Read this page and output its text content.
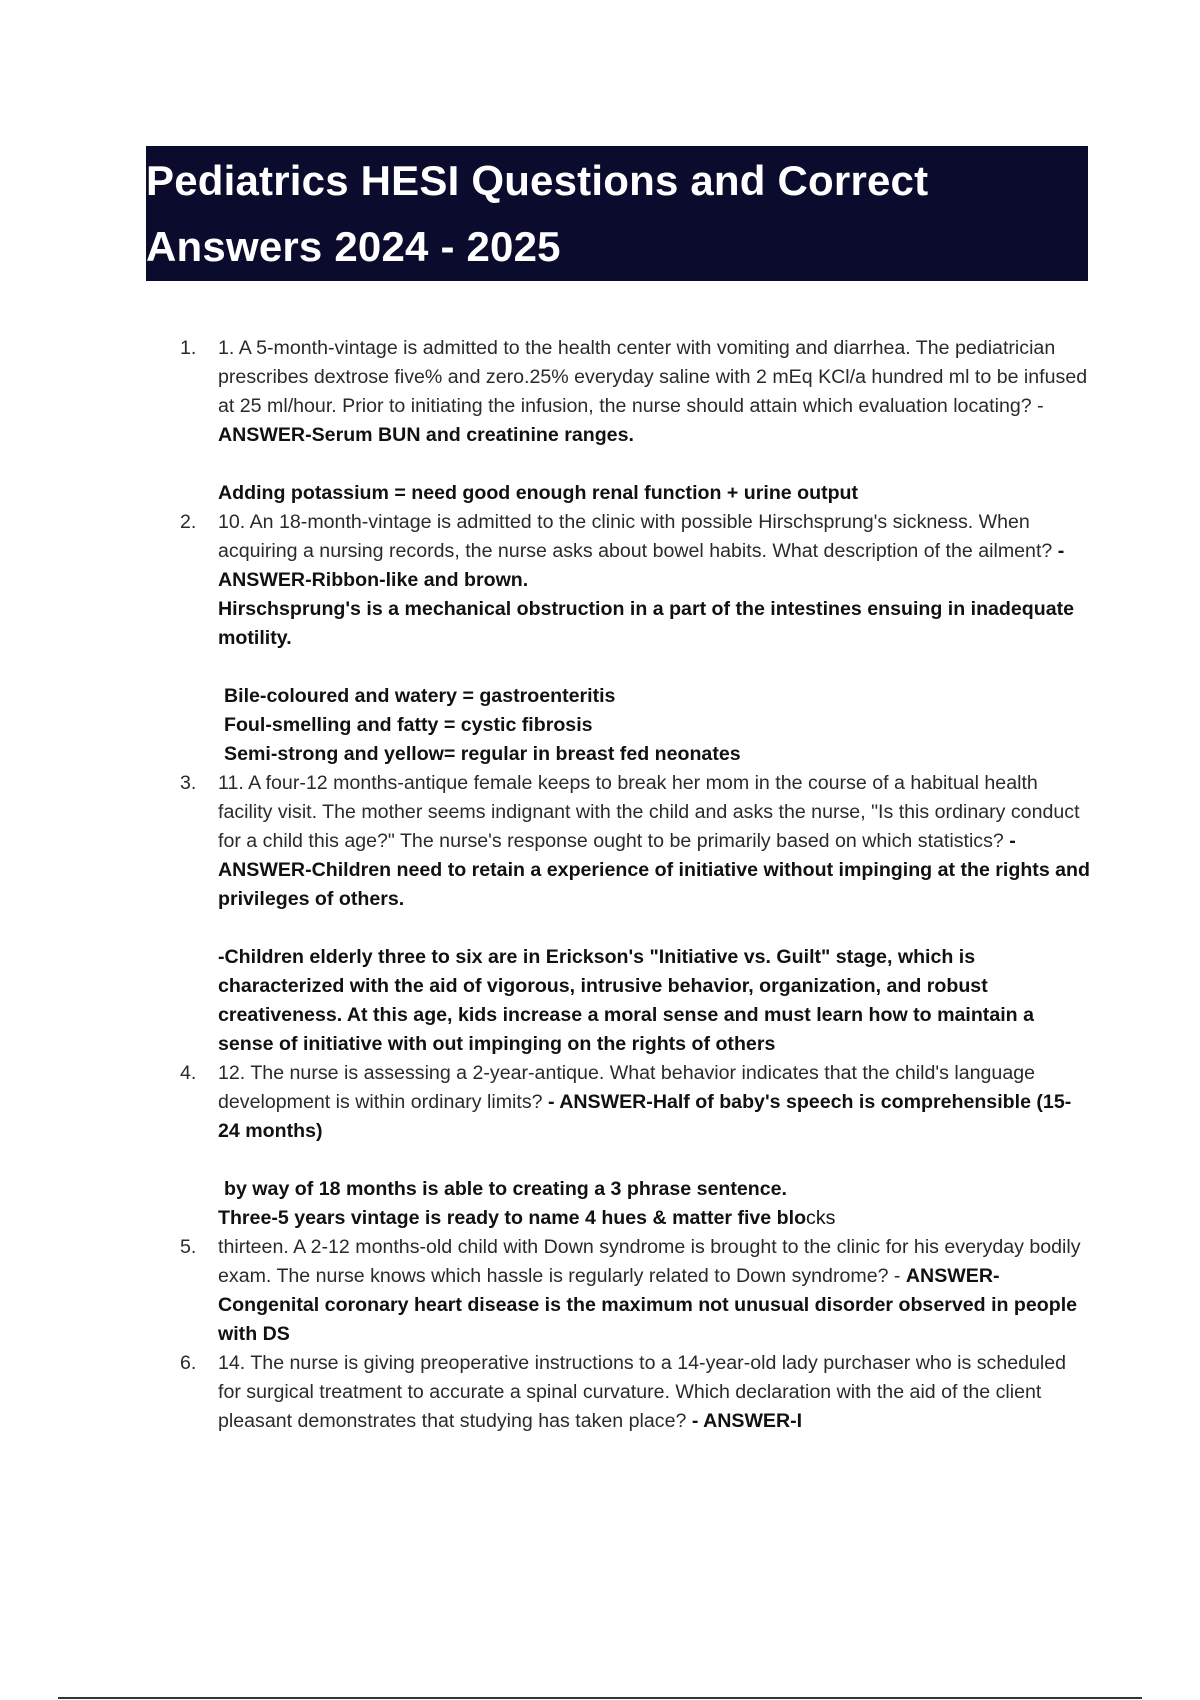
Pediatrics HESI Questions and Correct Answers 2024 - 2025
1.	1. A 5-month-vintage is admitted to the health center with vomiting and diarrhea. The pediatrician prescribes dextrose five% and zero.25% everyday saline with 2 mEq KCl/a hundred ml to be infused at 25 ml/hour. Prior to initiating the infusion, the nurse should attain which evaluation locating? - ANSWER-Serum BUN and creatinine ranges.
Adding potassium = need good enough renal function + urine output
2.	10. An 18-month-vintage is admitted to the clinic with possible Hirschsprung's sickness. When acquiring a nursing records, the nurse asks about bowel habits. What description of the ailment? - ANSWER-Ribbon-like and brown.
Hirschsprung's is a mechanical obstruction in a part of the intestines ensuing in inadequate motility.
Bile-coloured and watery = gastroenteritis
Foul-smelling and fatty = cystic fibrosis
Semi-strong and yellow= regular in breast fed neonates
3.	11. A four-12 months-antique female keeps to break her mom in the course of a habitual health facility visit. The mother seems indignant with the child and asks the nurse, "Is this ordinary conduct for a child this age?" The nurse's response ought to be primarily based on which statistics? - ANSWER-Children need to retain a experience of initiative without impinging at the rights and privileges of others.
-Children elderly three to six are in Erickson's "Initiative vs. Guilt" stage, which is characterized with the aid of vigorous, intrusive behavior, organization, and robust creativeness. At this age, kids increase a moral sense and must learn how to maintain a sense of initiative with out impinging on the rights of others
4.	12. The nurse is assessing a 2-year-antique. What behavior indicates that the child's language development is within ordinary limits? - ANSWER-Half of baby's speech is comprehensible (15-24 months)
by way of 18 months is able to creating a 3 phrase sentence.
Three-5 years vintage is ready to name 4 hues & matter five blocks
5.	thirteen. A 2-12 months-old child with Down syndrome is brought to the clinic for his everyday bodily exam. The nurse knows which hassle is regularly related to Down syndrome? - ANSWER-Congenital coronary heart disease is the maximum not unusual disorder observed in people with DS
6.	14. The nurse is giving preoperative instructions to a 14-year-old lady purchaser who is scheduled for surgical treatment to accurate a spinal curvature. Which declaration with the aid of the client pleasant demonstrates that studying has taken place? - ANSWER-I
